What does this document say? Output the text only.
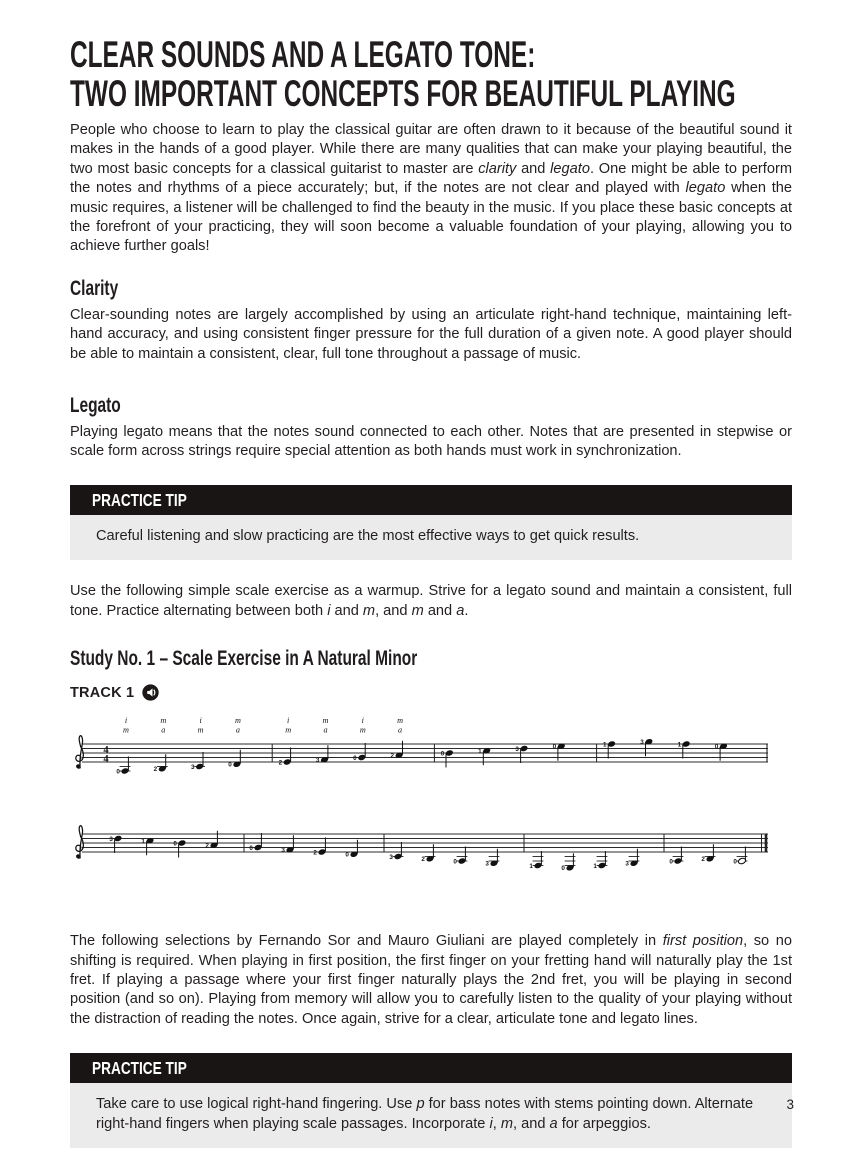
CLEAR SOUNDS AND A LEGATO TONE:
TWO IMPORTANT CONCEPTS FOR BEAUTIFUL PLAYING

People who choose to learn to play the classical guitar are often drawn to it because of the beautiful sound it makes in the hands of a good player. While there are many qualities that can make your playing beautiful, the two most basic concepts for a classical guitarist to master are clarity and legato. One might be able to perform the notes and rhythms of a piece accurately; but, if the notes are not clear and played with legato when the music requires, a listener will be challenged to find the beauty in the music. If you place these basic concepts at the forefront of your practicing, they will soon become a valuable foundation of your playing, allowing you to achieve further goals!

Clarity

Clear-sounding notes are largely accomplished by using an articulate right-hand technique, maintaining left-hand accuracy, and using consistent finger pressure for the full duration of a given note. A good player should be able to maintain a consistent, clear, full tone throughout a passage of music.

Legato

Playing legato means that the notes sound connected to each other. Notes that are presented in stepwise or scale form across strings require special attention as both hands must work in synchronization.

PRACTICE TIP

Careful listening and slow practicing are the most effective ways to get quick results.

Use the following simple scale exercise as a warmup. Strive for a legato sound and maintain a consistent, full tone. Practice alternating between both i and m, and m and a.

Study No. 1 – Scale Exercise in A Natural Minor
TRACK 1
4
4
0
i
m
2
m
a
3
i
m
0
m
a
2
i
m
3
m
a
0
i
m
2
m
a
0	1	3	0	1	3	1	0
3	1	0	2	0	3	2	0	3	2	0	3	1	0	1	3	0	2	0

The following selections by Fernando Sor and Mauro Giuliani are played completely in first position, so no shifting is required. When playing in first position, the first finger on your fretting hand will naturally play the 1st fret. If playing a passage where your first finger naturally plays the 2nd fret, you will be playing in second position (and so on). Playing from memory will allow you to carefully listen to the quality of your playing without the distraction of reading the notes. Once again, strive for a clear, articulate tone and legato lines.

PRACTICE TIP

Take care to use logical right-hand fingering. Use p for bass notes with stems pointing down. Alternate right-hand fingers when playing scale passages. Incorporate i, m, and a for arpeggios.

3
